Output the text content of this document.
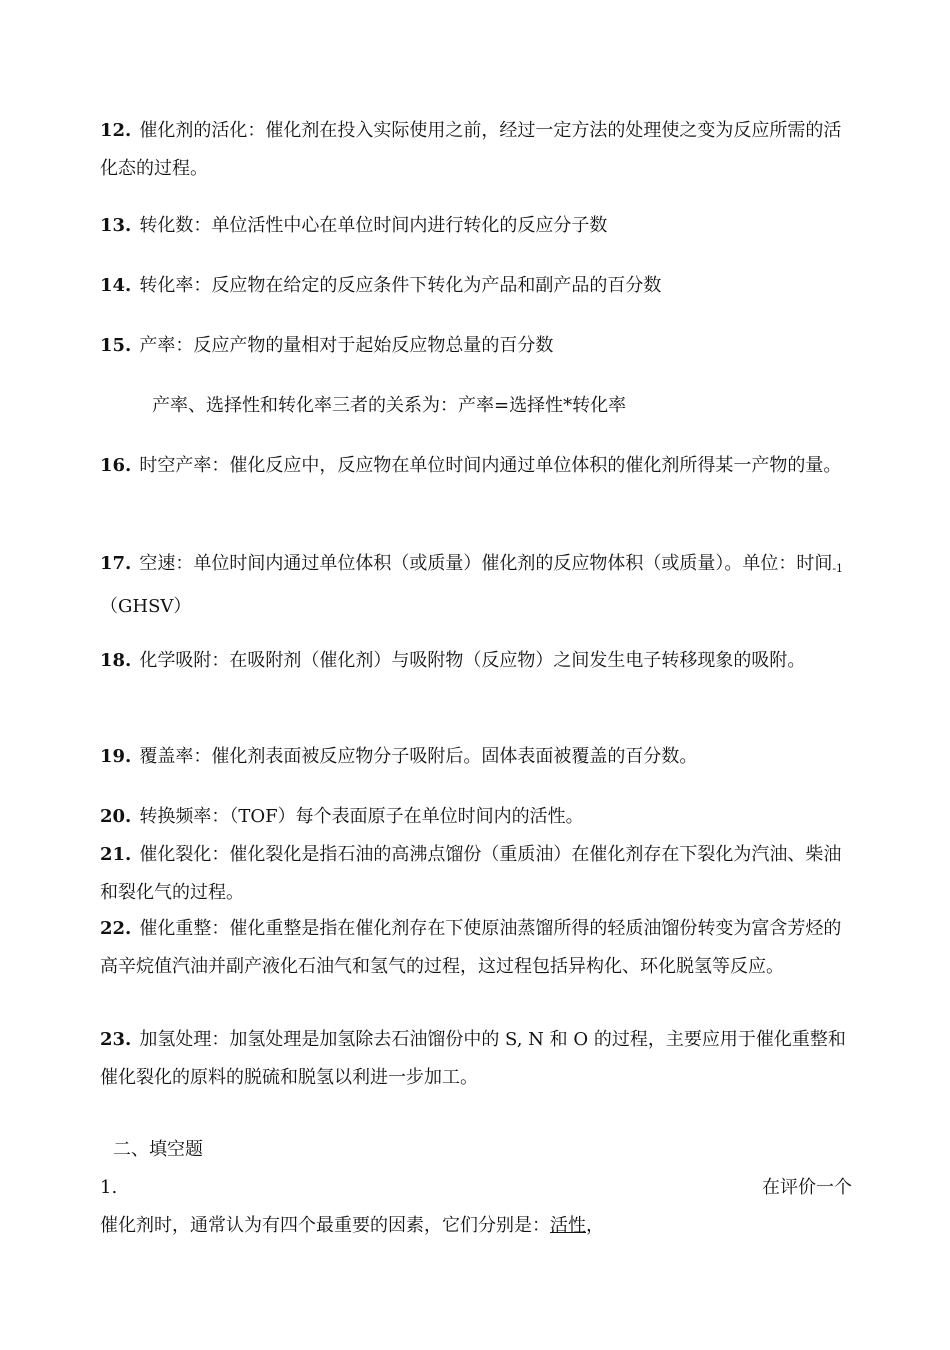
12. 催化剂的活化：催化剂在投入实际使用之前，经过一定方法的处理使之变为反应所需的活化态的过程。
13. 转化数：单位活性中心在单位时间内进行转化的反应分子数
14. 转化率：反应物在给定的反应条件下转化为产品和副产品的百分数
15. 产率：反应产物的量相对于起始反应物总量的百分数
产率、选择性和转化率三者的关系为：产率=选择性*转化率
16. 时空产率：催化反应中，反应物在单位时间内通过单位体积的催化剂所得某一产物的量。
17. 空速：单位时间内通过单位体积（或质量）催化剂的反应物体积（或质量）。单位：时间-1（GHSV）
18. 化学吸附：在吸附剂（催化剂）与吸附物（反应物）之间发生电子转移现象的吸附。
19. 覆盖率：催化剂表面被反应物分子吸附后。固体表面被覆盖的百分数。
20. 转换频率：（TOF）每个表面原子在单位时间内的活性。
21. 催化裂化：催化裂化是指石油的高沸点馏份（重质油）在催化剂存在下裂化为汽油、柴油和裂化气的过程。
22. 催化重整：催化重整是指在催化剂存在下使原油蒸馏所得的轻质油馏份转变为富含芳烃的高辛烷值汽油并副产液化石油气和氢气的过程，这过程包括异构化、环化脱氢等反应。
23. 加氢处理：加氢处理是加氢除去石油馏份中的 S, N 和 O 的过程，主要应用于催化重整和催化裂化的原料的脱硫和脱氢以利进一步加工。
二、填空题
1.	在评价一个
催化剂时，通常认为有四个最重要的因素，它们分别是：活性，
